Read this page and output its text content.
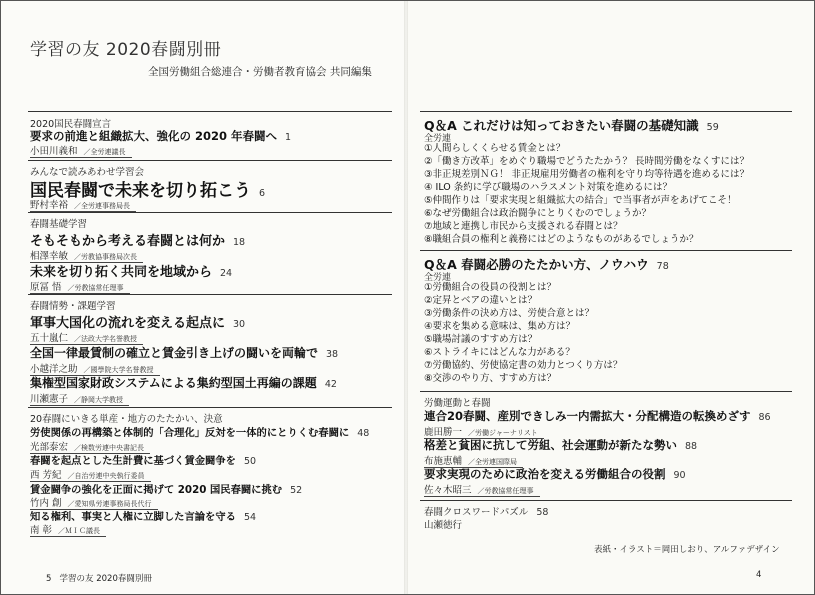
学習の友 2020春闘別冊
全国労働組合総連合・労働者教育協会 共同編集
2020国民春闘宣言
要求の前進と組織拡大、強化の 2020 年春闘へ 1
小田川義和 ／全労連議長
みんなで読みあわせ学習会
国民春闘で未来を切り拓こう 6
野村幸裕 ／全労連事務局長
春闘基礎学習
そもそもから考える春闘とは何か 18
相澤幸敏 ／労教協事務局次長
未来を切り拓く共同を地域から 24
原冨 悟 ／労教協常任理事
春闘情勢・課題学習
軍事大国化の流れを変える起点に 30
五十嵐仁 ／法政大学名誉教授
全国一律最賃制の確立と賃金引き上げの闘いを両輪で 38
小越洋之助 ／國學院大学名誉教授
集権型国家財政システムによる集約型国土再編の課題 42
川瀬憲子 ／静岡大学教授
20春闘にいきる単産・地方のたたかい、決意
労使関係の再構築と体制的「合理化」反対を一体的にとりくむ春闘に 48
光部泰宏 ／検数労連中央書記長
春闘を起点とした生計費に基づく賃金闘争を 50
西 芳紀 ／自治労連中央執行委員
賃金闘争の強化を正面に掲げて 2020 国民春闘に挑む 52
竹内 創 ／愛知県労連事務局長代行
知る権利、事実と人権に立脚した言論を守る 54
南 彰 ／ＭＩＣ議長
Q＆A これだけは知っておきたい春闘の基礎知識 59
全労連
①人間らしくくらせる賃金とは？
②「働き方改革」をめぐり職場でどうたたかう？ 長時間労働をなくすには？
③非正規差別ＮＧ！ 非正規雇用労働者の権利を守り均等待遇を進めるには？
④ ILO 条約に学び職場のハラスメント対策を進めるには？
⑤仲間作りは「要求実現と組織拡大の結合」で当事者が声をあげてこそ！
⑥なぜ労働組合は政治闘争にとりくむのでしょうか？
⑦地域と連携し市民から支援される春闘とは？
⑧職組合員の権利と義務にはどのようなものがあるでしょうか？
Q＆A 春闘必勝のたたかい方、ノウハウ 78
全労連
①労働組合の役員の役割とは？
②定昇とベアの違いとは？
③労働条件の決め方は、労使合意とは？
④要求を集める意味は、集め方は？
⑤職場討議のすすめ方は？
⑥ストライキにはどんな力がある？
⑦労働協約、労使協定書の効力とつくり方は？
⑧交渉のやり方、すすめ方は？
労働運動と春闘
連合20春闘、産別できしみ一内需拡大・分配構造の転換めざす 86
鹿田勝一 ／労働ジャーナリスト
格差と貧困に抗して労組、社会運動が新たな勢い 88
布施恵輔 ／全労連国際局
要求実現のために政治を変える労働組合の役割 90
佐々木昭三 ／労教協常任理事
春闘クロスワードパズル 58
山瀬徳行
表紙・イラスト＝岡田しおり、アルファデザイン
5 学習の友 2020春闘別冊	4
